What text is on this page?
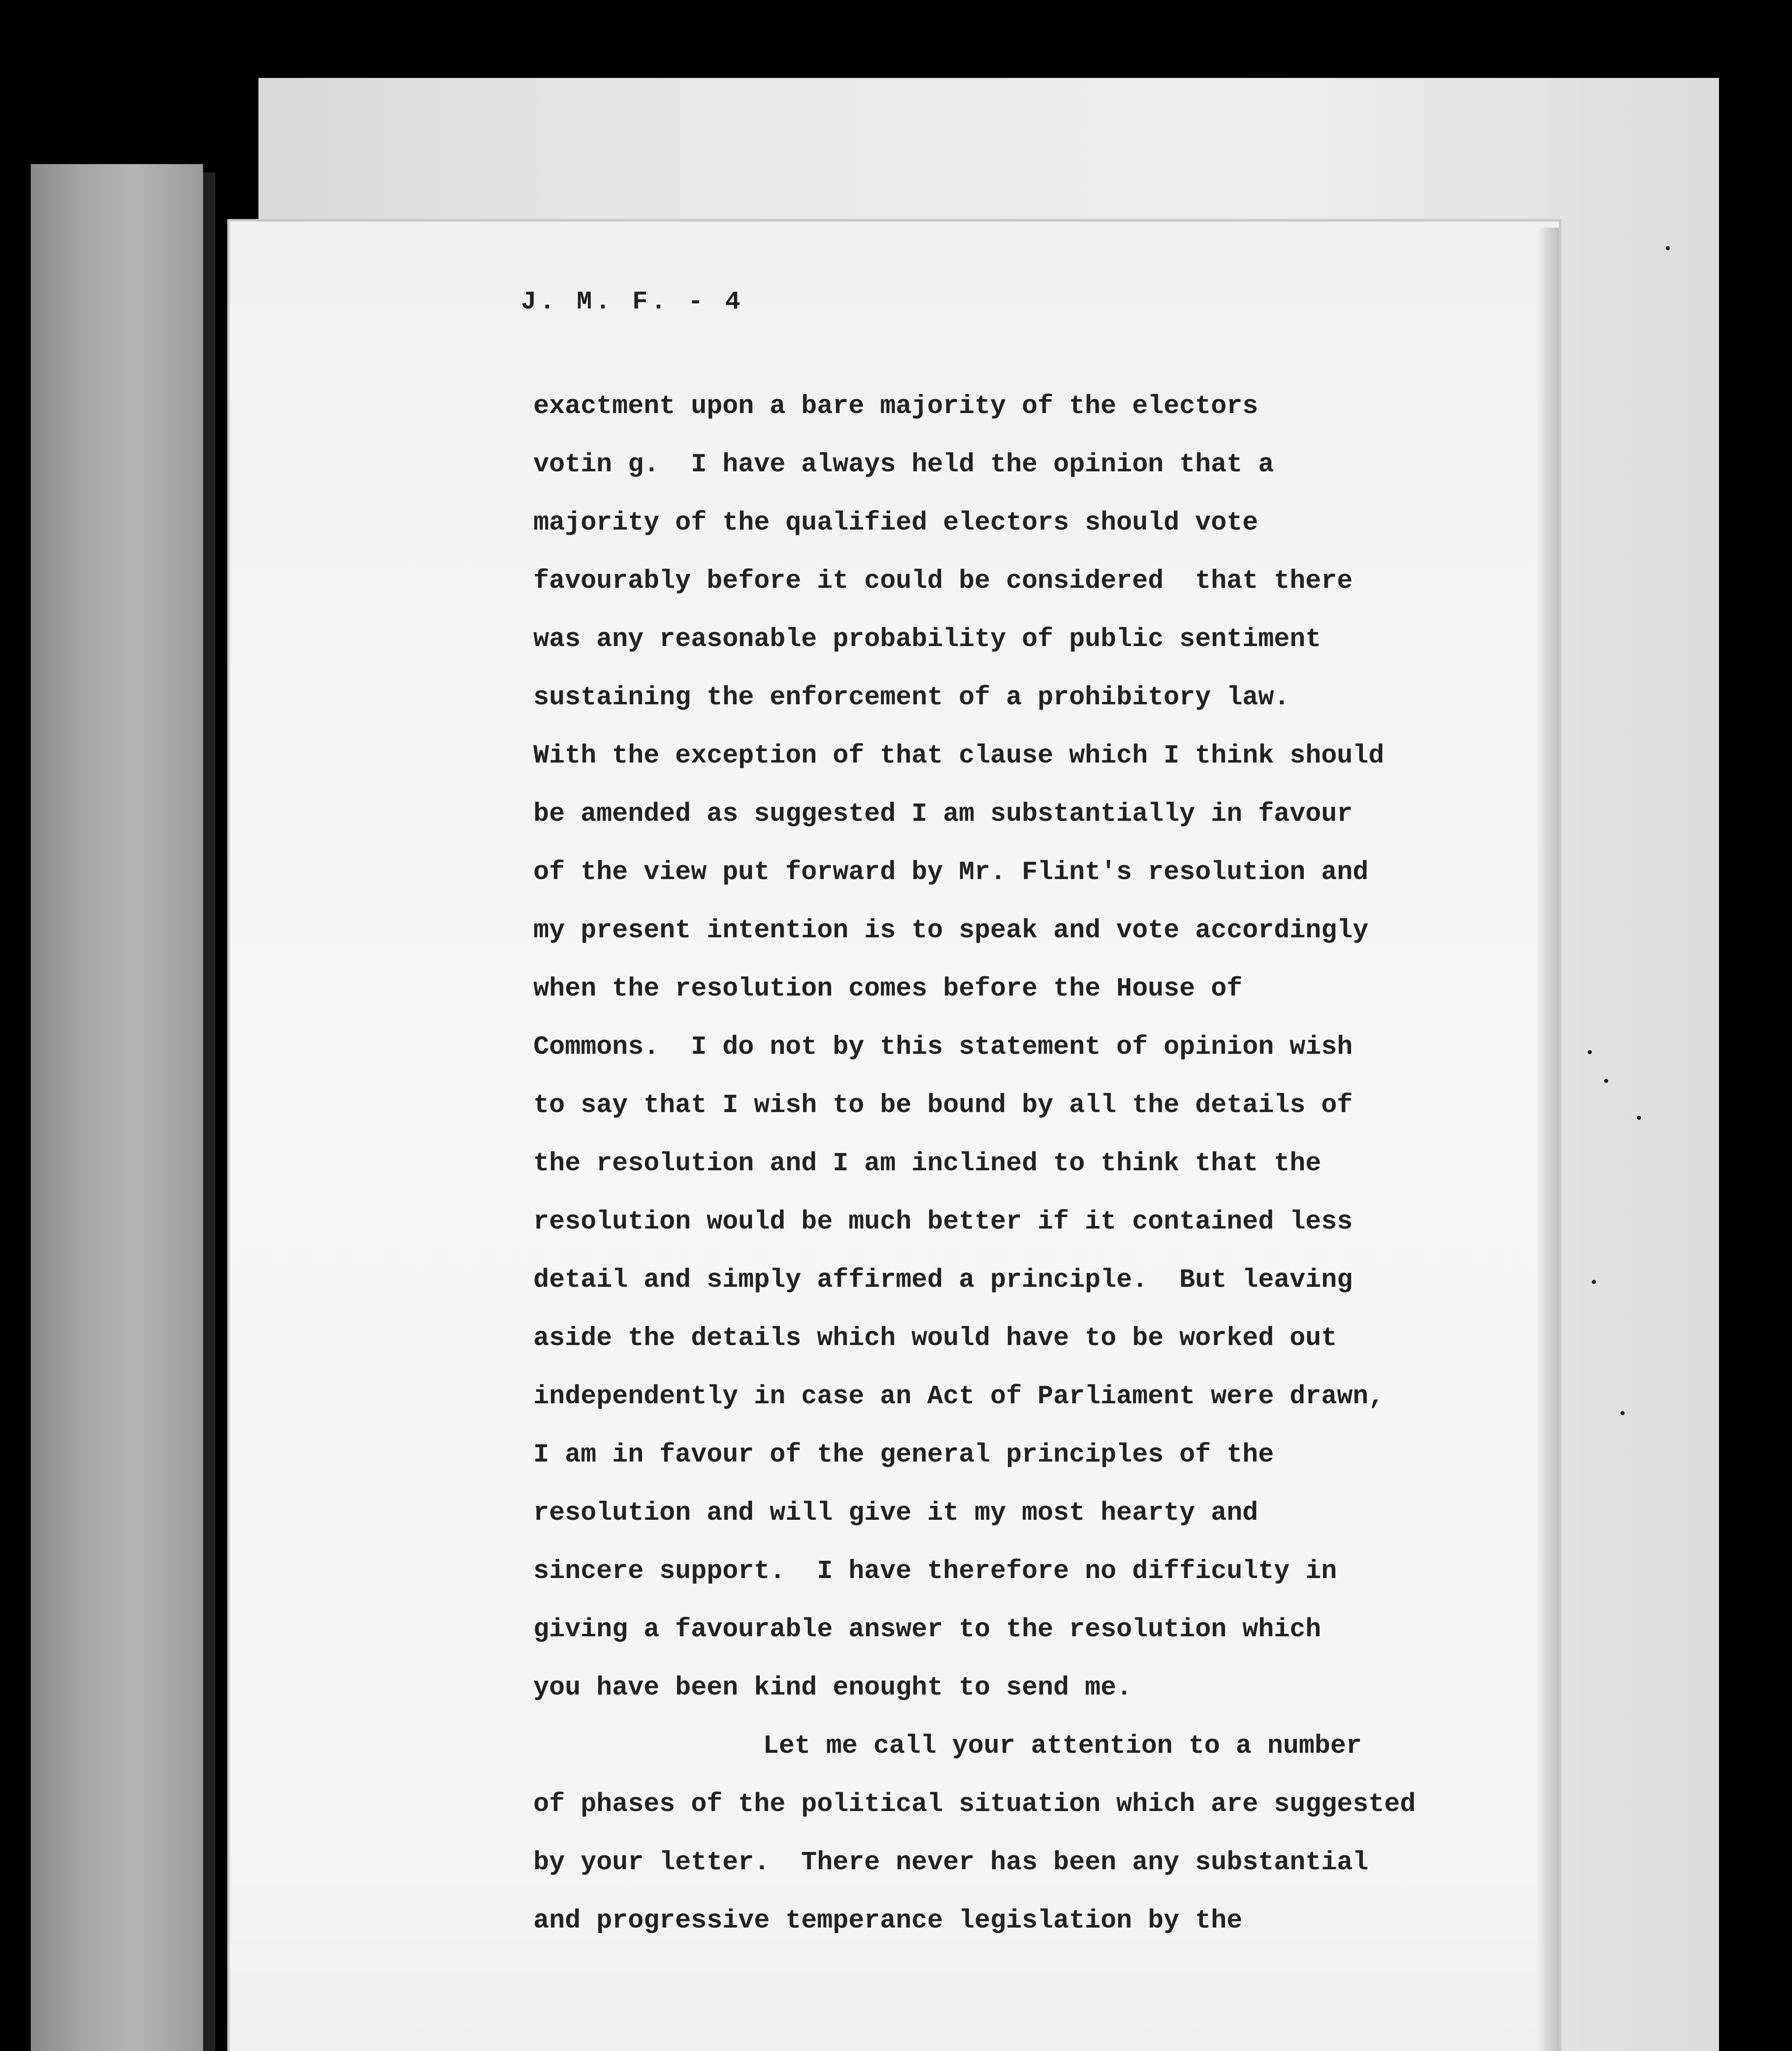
J. M. F. - 4
exactment upon a bare majority of the electors
votin g.  I have always held the opinion that a
majority of the qualified electors should vote
favourably before it could be considered  that there
was any reasonable probability of public sentiment
sustaining the enforcement of a prohibitory law.
With the exception of that clause which I think should
be amended as suggested I am substantially in favour
of the view put forward by Mr. Flint's resolution and
my present intention is to speak and vote accordingly
when the resolution comes before the House of
Commons.  I do not by this statement of opinion wish
to say that I wish to be bound by all the details of
the resolution and I am inclined to think that the
resolution would be much better if it contained less
detail and simply affirmed a principle.  But leaving
aside the details which would have to be worked out
independently in case an Act of Parliament were drawn,
I am in favour of the general principles of the
resolution and will give it my most hearty and
sincere support.  I have therefore no difficulty in
giving a favourable answer to the resolution which
you have been kind enought to send me.
Let me call your attention to a number
of phases of the political situation which are suggested
by your letter.  There never has been any substantial
and progressive temperance legislation by the
